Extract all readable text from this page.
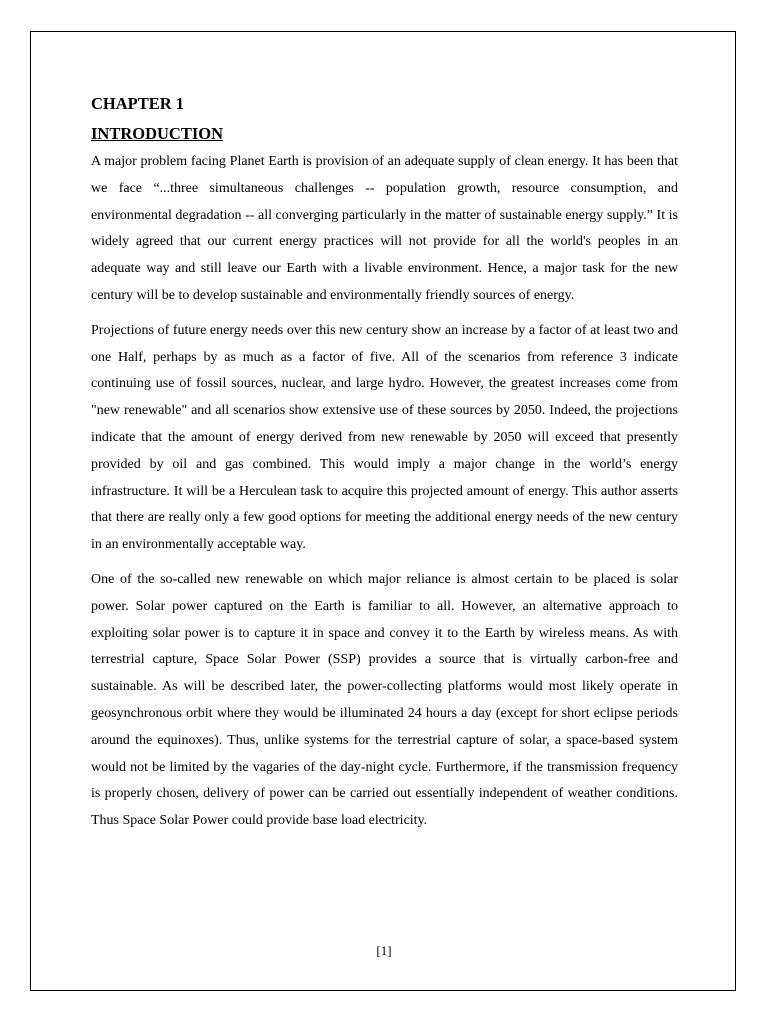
CHAPTER 1
INTRODUCTION

A major problem facing Planet Earth is provision of an adequate supply of clean energy. It has been that we face “...three simultaneous challenges -- population growth, resource consumption, and environmental degradation -- all converging particularly in the matter of sustainable energy supply.” It is widely agreed that our current energy practices will not provide for all the world's peoples in an adequate way and still leave our Earth with a livable environment. Hence, a major task for the new century will be to develop sustainable and environmentally friendly sources of energy.

Projections of future energy needs over this new century show an increase by a factor of at least two and one Half, perhaps by as much as a factor of five. All of the scenarios from reference 3 indicate continuing use of fossil sources, nuclear, and large hydro. However, the greatest increases come from "new renewable" and all scenarios show extensive use of these sources by 2050. Indeed, the projections indicate that the amount of energy derived from new renewable by 2050 will exceed that presently provided by oil and gas combined. This would imply a major change in the world’s energy infrastructure. It will be a Herculean task to acquire this projected amount of energy. This author asserts that there are really only a few good options for meeting the additional energy needs of the new century in an environmentally acceptable way.

One of the so-called new renewable on which major reliance is almost certain to be placed is solar power. Solar power captured on the Earth is familiar to all. However, an alternative approach to exploiting solar power is to capture it in space and convey it to the Earth by wireless means. As with terrestrial capture, Space Solar Power (SSP) provides a source that is virtually carbon-free and sustainable. As will be described later, the power-collecting platforms would most likely operate in geosynchronous orbit where they would be illuminated 24 hours a day (except for short eclipse periods around the equinoxes). Thus, unlike systems for the terrestrial capture of solar, a space-based system would not be limited by the vagaries of the day-night cycle. Furthermore, if the transmission frequency is properly chosen, delivery of power can be carried out essentially independent of weather conditions. Thus Space Solar Power could provide base load electricity.

[1]
